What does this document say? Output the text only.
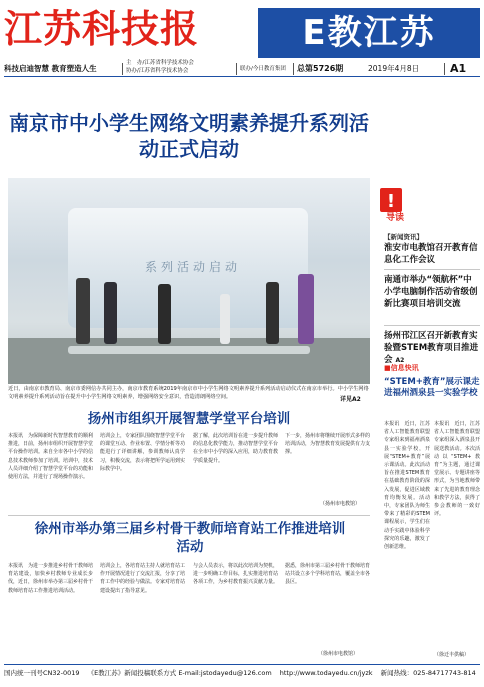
江苏科技报	E教江苏
科技启迪智慧 教育塑造人生
主　办/江苏省科学技术协会
协办/江苏省科学技术协会	联办/今日教育集团 总第5726期	2019年4月8日	A1
南京市中小学生网络文明素养提升系列活动正式启动
系列活动启动
近日，由南京市教育局、南京市委网信办共同主办，南京市教育系统2019年南京市中小学生网络文明素养提升系列活动启动仪式在南京市举行。中小学生网络文明素养提升系列活动旨在提升中小学生网络文明素养，增强网络安全意识，营造清朗网络空间。	详见A2
!
导读
【新闻资讯】
淮安市电教馆召开教育信息化工作会议
南通市举办“领航杯”中小学电脑制作活动省级创新比赛项目培训交流
扬州邗江区召开新教育实验暨STEM教育项目推进会 A2
■信息快讯
“STEM+教育”展示课走进福州酒泉县一实验学校
本报讯　近日，江苏省人工智能教育联盟专家组来到福州酒泉县一实验学校，开展“STEM+教育”展示课活动。此次活动旨在推进STEM教育在基础教育阶段的深入发展，促进区域教育均衡发展。活动中，专家团队为师生带来了精彩的STEM课程展示，学生们在动手实践中体验科学探究的乐趣，激发了创新思维。
本报讯　近日，江苏省人工智能教育联盟专家组深入酒泉县开展送教活动。本次活动以“STEM+教育”为主题，通过课堂展示、专题讲座等形式，为当地教师带来了先进的教育理念和教学方法，获得了参会教师的一致好评。
（徐迁丰供稿）
扬州市组织开展智慧学堂平台培训
本报讯　为保障新时代智慧教育的顺利推进，日前，扬州市组织开展智慧学堂平台操作培训。来自全市各中小学的信息技术教师参加了培训。培训中，技术人员详细介绍了智慧学堂平台的功能和使用方法，并进行了现场操作演示。
培训会上，专家团队围绕智慧学堂平台的课堂互动、作业布置、学情分析等功能进行了详细讲解，参训教师认真学习，积极交流，表示将把所学运用到实际教学中。
据了解，此次培训旨在进一步提升教师的信息化教学能力，推动智慧学堂平台在全市中小学的深入应用，助力教育教学质量提升。
下一步，扬州市将继续开展形式多样的培训活动，为智慧教育发展提供有力支撑。
（扬州市电教馆）
徐州市举办第三届乡村骨干教师培育站工作推进培训活动
本报讯　为进一步推进乡村骨干教师培育站建设，加快乡村教师专业成长步伐，近日，徐州市举办第三届乡村骨干教师培育站工作推进培训活动。
培训会上，各培育站主持人就培育站工作开展情况进行了交流汇报，分享了培育工作中的经验与做法。专家对培育站建设提出了指导意见。
与会人员表示，将以此次培训为契机，进一步明确工作目标，扎实推进培育站各项工作，为乡村教育振兴贡献力量。
据悉，徐州市第三届乡村骨干教师培育站共设立多个学科培育站，覆盖全市各县区。
（徐州市电教馆）
国内统一刊号CN32-0019 《E教江苏》新闻投稿联系方式 E-mail:jstodayedu@126.com http://www.todayedu.cn/jyzk 新闻热线：025-84717743-814
